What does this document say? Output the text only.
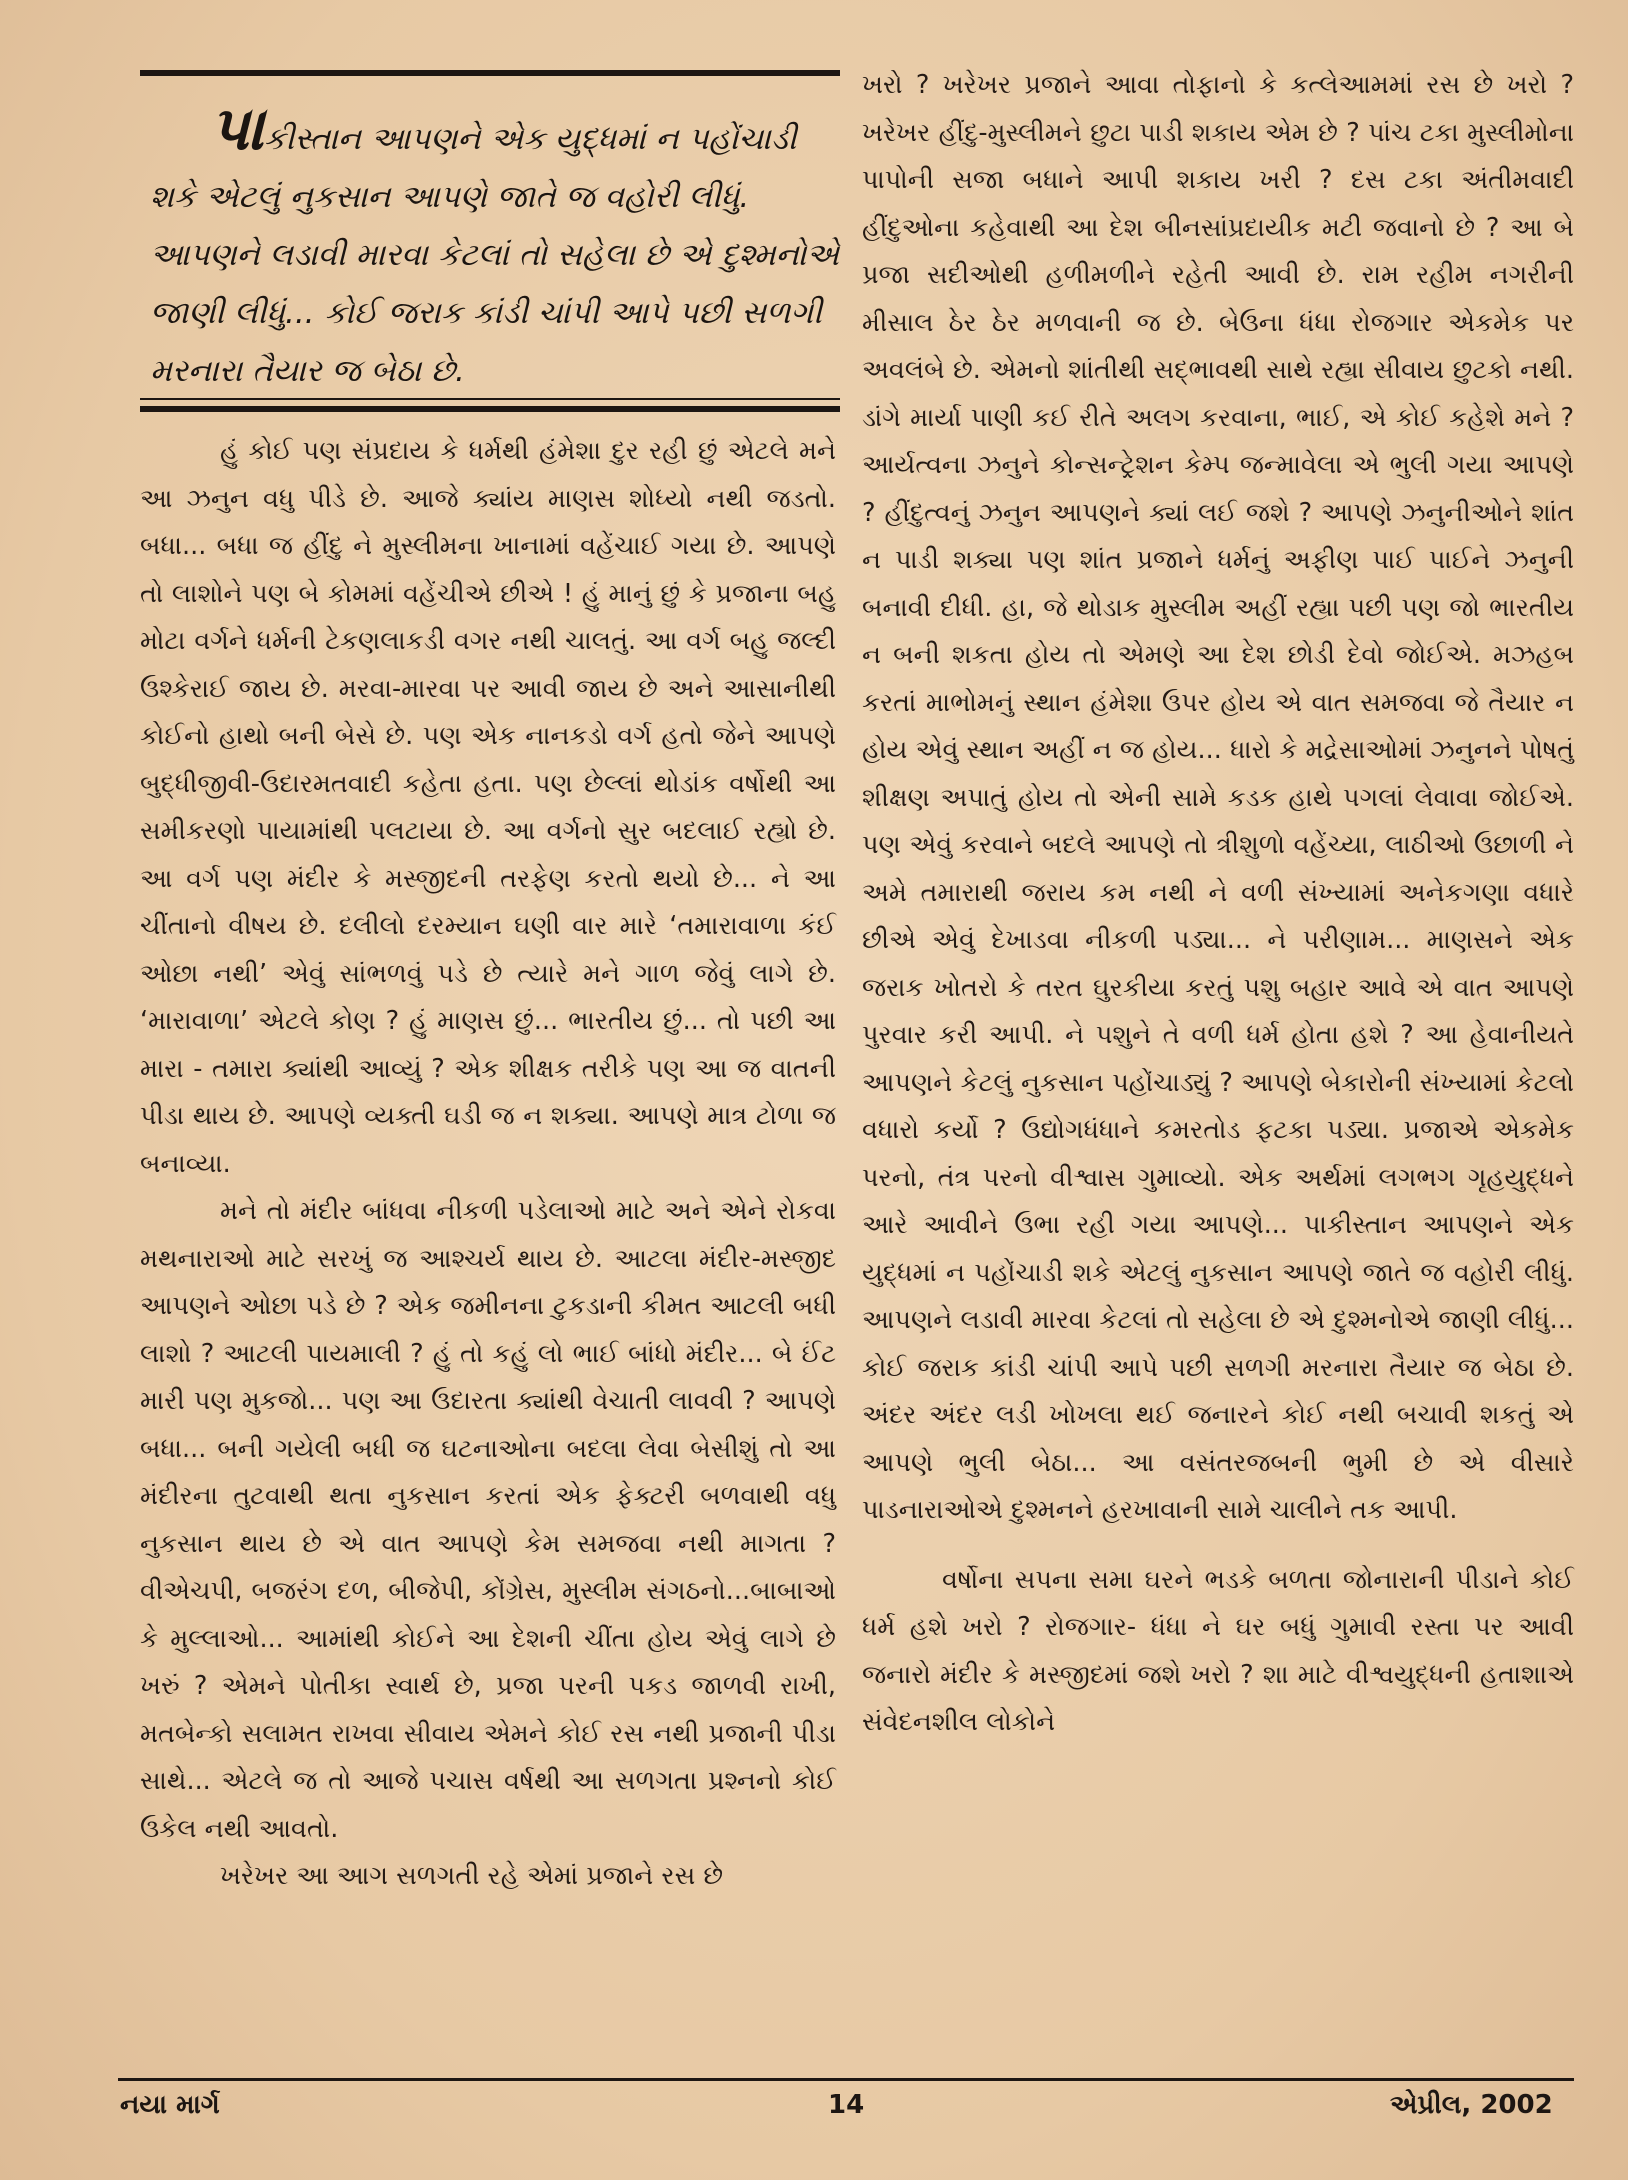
પાકીસ્તાન આપણને એક યુદ્ધમાં ન પહોંચાડી શકે એટલું નુકસાન આપણે જાતે જ વહોરી લીધું. આપણને લડાવી મારવા કેટલાં તો સહેલા છે એ દુશ્મનોએ જાણી લીધું... કોઈ જરાક કાંડી ચાંપી આપે પછી સળગી મરનારા તૈયાર જ બેઠા છે.

હું કોઈ પણ સંપ્રદાય કે ધર્મથી હંમેશા દુર રહી છું એટલે મને આ ઝનુન વધુ પીડે છે. આજે ક્યાંય માણસ શોધ્યો નથી જડતો. બધા... બધા જ હીંદુ ને મુસ્લીમના ખાનામાં વહેંચાઈ ગયા છે. આપણે તો લાશોને પણ બે કોમમાં વહેંચીએ છીએ ! હું માનું છું કે પ્રજાના બહુ મોટા વર્ગને ધર્મની ટેકણલાકડી વગર નથી ચાલતું. આ વર્ગ બહુ જલ્દી ઉશ્કેરાઈ જાય છે. મરવા-મારવા પર આવી જાય છે અને આસાનીથી કોઈનો હાથો બની બેસે છે. પણ એક નાનકડો વર્ગ હતો જેને આપણે બુદ્ધીજીવી-ઉદારમતવાદી કહેતા હતા. પણ છેલ્લાં થોડાંક વર્ષોથી આ સમીકરણો પાયામાંથી પલટાયા છે. આ વર્ગનો સુર બદલાઈ રહ્યો છે. આ વર્ગ પણ મંદીર કે મસ્જીદની તરફેણ કરતો થયો છે... ને આ ચીંતાનો વીષય છે. દલીલો દરમ્યાન ઘણી વાર મારે ‘તમારાવાળા કંઈ ઓછા નથી’ એવું સાંભળવું પડે છે ત્યારે મને ગાળ જેવું લાગે છે. ‘મારાવાળા’ એટલે કોણ ? હું માણસ છું... ભારતીય છું... તો પછી આ મારા - તમારા ક્યાંથી આવ્યું ? એક શીક્ષક તરીકે પણ આ જ વાતની પીડા થાય છે. આપણે વ્યક્તી ઘડી જ ન શક્યા. આપણે માત્ર ટોળા જ બનાવ્યા.

મને તો મંદીર બાંધવા નીકળી પડેલાઓ માટે અને એને રોકવા મથનારાઓ માટે સરખું જ આશ્ચર્ય થાય છે. આટલા મંદીર-મસ્જીદ આપણને ઓછા પડે છે ? એક જમીનના ટુકડાની કીમત આટલી બધી લાશો ? આટલી પાયમાલી ? હું તો કહું લો ભાઈ બાંધો મંદીર... બે ઈંટ મારી પણ મુકજો... પણ આ ઉદારતા ક્યાંથી વેચાતી લાવવી ? આપણે બધા... બની ગયેલી બધી જ ઘટનાઓના બદલા લેવા બેસીશું તો આ મંદીરના તુટવાથી થતા નુકસાન કરતાં એક ફેક્ટરી બળવાથી વધુ નુકસાન થાય છે એ વાત આપણે કેમ સમજવા નથી માગતા ? વીએચપી, બજરંગ દળ, બીજેપી, કોંગ્રેસ, મુસ્લીમ સંગઠનો...બાબાઓ કે મુલ્લાઓ... આમાંથી કોઈને આ દેશની ચીંતા હોય એવું લાગે છે ખરું ? એમને પોતીકા સ્વાર્થ છે, પ્રજા પરની પકડ જાળવી રાખી, મતબેન્કો સલામત રાખવા સીવાય એમને કોઈ રસ નથી પ્રજાની પીડા સાથે... એટલે જ તો આજે પચાસ વર્ષથી આ સળગતા પ્રશ્નનો કોઈ ઉકેલ નથી આવતો.

ખરેખર આ આગ સળગતી રહે એમાં પ્રજાને રસ છે

ખરો ? ખરેખર પ્રજાને આવા તોફાનો કે કત્લેઆમમાં રસ છે ખરો ? ખરેખર હીંદુ-મુસ્લીમને છુટા પાડી શકાય એમ છે ? પાંચ ટકા મુસ્લીમોના પાપોની સજા બધાને આપી શકાય ખરી ? દસ ટકા અંતીમવાદી હીંદુઓના કહેવાથી આ દેશ બીનસાંપ્રદાયીક મટી જવાનો છે ? આ બે પ્રજા સદીઓથી હળીમળીને રહેતી આવી છે. રામ રહીમ નગરીની મીસાલ ઠેર ઠેર મળવાની જ છે. બેઉના ધંધા રોજગાર એકમેક પર અવલંબે છે. એમનો શાંતીથી સદ્ભાવથી સાથે રહ્યા સીવાય છુટકો નથી. ડાંગે માર્યા પાણી કઈ રીતે અલગ કરવાના, ભાઈ, એ કોઈ કહેશે મને ? આર્યત્વના ઝનુને કોન્સન્ટ્રેશન કેમ્પ જન્માવેલા એ ભુલી ગયા આપણે ? હીંદુત્વનું ઝનુન આપણને ક્યાં લઈ જશે ? આપણે ઝનુનીઓને શાંત ન પાડી શક્યા પણ શાંત પ્રજાને ધર્મનું અફીણ પાઈ પાઈને ઝનુની બનાવી દીધી. હા, જે થોડાક મુસ્લીમ અહીં રહ્યા પછી પણ જો ભારતીય ન બની શકતા હોય તો એમણે આ દેશ છોડી દેવો જોઈએ. મઝહબ કરતાં માભોમનું સ્થાન હંમેશા ઉપર હોય એ વાત સમજવા જે તૈયાર ન હોય એવું સ્થાન અહીં ન જ હોય... ધારો કે મદ્રેસાઓમાં ઝનુનને પોષતું શીક્ષણ અપાતું હોય તો એની સામે કડક હાથે પગલાં લેવાવા જોઈએ. પણ એવું કરવાને બદલે આપણે તો ત્રીશુળો વહેંચ્યા, લાઠીઓ ઉછાળી ને અમે તમારાથી જરાય કમ નથી ને વળી સંખ્યામાં અનેકગણા વધારે છીએ એવું દેખાડવા નીકળી પડ્યા... ને પરીણામ... માણસને એક જરાક ખોતરો કે તરત ઘુરકીયા કરતું પશુ બહાર આવે એ વાત આપણે પુરવાર કરી આપી. ને પશુને તે વળી ધર્મ હોતા હશે ? આ હેવાનીયતે આપણને કેટલું નુકસાન પહોંચાડ્યું ? આપણે બેકારોની સંખ્યામાં કેટલો વધારો કર્યો ? ઉદ્યોગધંધાને કમરતોડ ફટકા પડ્યા. પ્રજાએ એકમેક પરનો, તંત્ર પરનો વીશ્વાસ ગુમાવ્યો. એક અર્થમાં લગભગ ગૃહયુદ્ધને આરે આવીને ઉભા રહી ગયા આપણે... પાકીસ્તાન આપણને એક યુદ્ધમાં ન પહોંચાડી શકે એટલું નુકસાન આપણે જાતે જ વહોરી લીધું. આપણને લડાવી મારવા કેટલાં તો સહેલા છે એ દુશ્મનોએ જાણી લીધું... કોઈ જરાક કાંડી ચાંપી આપે પછી સળગી મરનારા તૈયાર જ બેઠા છે. અંદર અંદર લડી ખોખલા થઈ જનારને કોઈ નથી બચાવી શકતું એ આપણે ભુલી બેઠા... આ વસંતરજબની ભુમી છે એ વીસારે પાડનારાઓએ દુશ્મનને હરખાવાની સામે ચાલીને તક આપી.

વર્ષોના સપના સમા ઘરને ભડકે બળતા જોનારાની પીડાને કોઈ ધર્મ હશે ખરો ? રોજગાર- ધંધા ને ઘર બધું ગુમાવી રસ્તા પર આવી જનારો મંદીર કે મસ્જીદમાં જશે ખરો ? શા માટે વીશ્વયુદ્ધની હતાશાએ સંવેદનશીલ લોકોને

નયા માર્ગ	14	એપ્રીલ, 2002
